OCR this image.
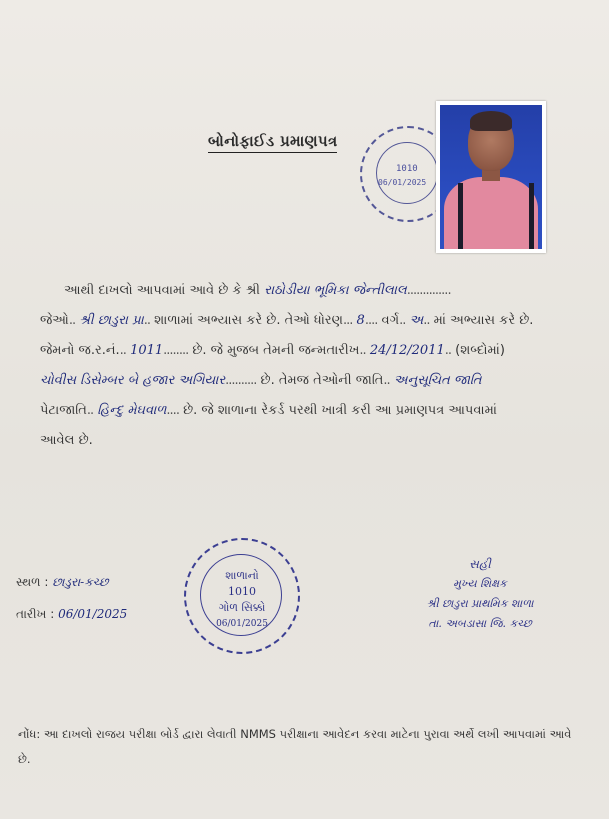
બોનોફાઈડ પ્રમાણપત્ર
1010
06/01/2025
આથી દાખલો આપવામાં આવે છે કે શ્રી રાઠોડીયા ભૂમિકા જેન્તીલાલ..............
જેઓ.. શ્રી છાડુરા પ્રા.. શાળામાં અભ્યાસ કરે છે. તેઓ ધોરણ... 8.... વર્ગ.. અ.. માં અભ્યાસ કરે છે.
જેમનો જ.ર.નં... 1011........ છે. જે મુજબ તેમની જન્મતારીખ.. 24/12/2011.. (શબ્દોમાં)
ચોવીસ ડિસેમ્બર બે હજાર અગિયાર.......... છે. તેમજ તેઓની જાતિ.. અનુસૂચિત જાતિ
પેટાજાતિ.. હિન્દુ મેઘવાળ.... છે. જે શાળાના રેકર્ડ પરથી ખાત્રી કરી આ પ્રમાણપત્ર આપવામાં
આવેલ છે.
સ્થળ : છાડુરા-કચ્છ
તારીખ : 06/01/2025
શાળાનો
1010
ગોળ સિક્કો
06/01/2025
સહી
મુખ્ય શિક્ષક
શ્રી છાડુરા પ્રાથમિક શાળા
તા. અબડાસા જિ. કચ્છ
નોંધ: આ દાખલો રાજય પરીક્ષા બોર્ડ દ્વારા લેવાતી NMMS પરીક્ષાના આવેદન કરવા માટેના પુરાવા અર્થે લખી આપવામાં આવે છે.
